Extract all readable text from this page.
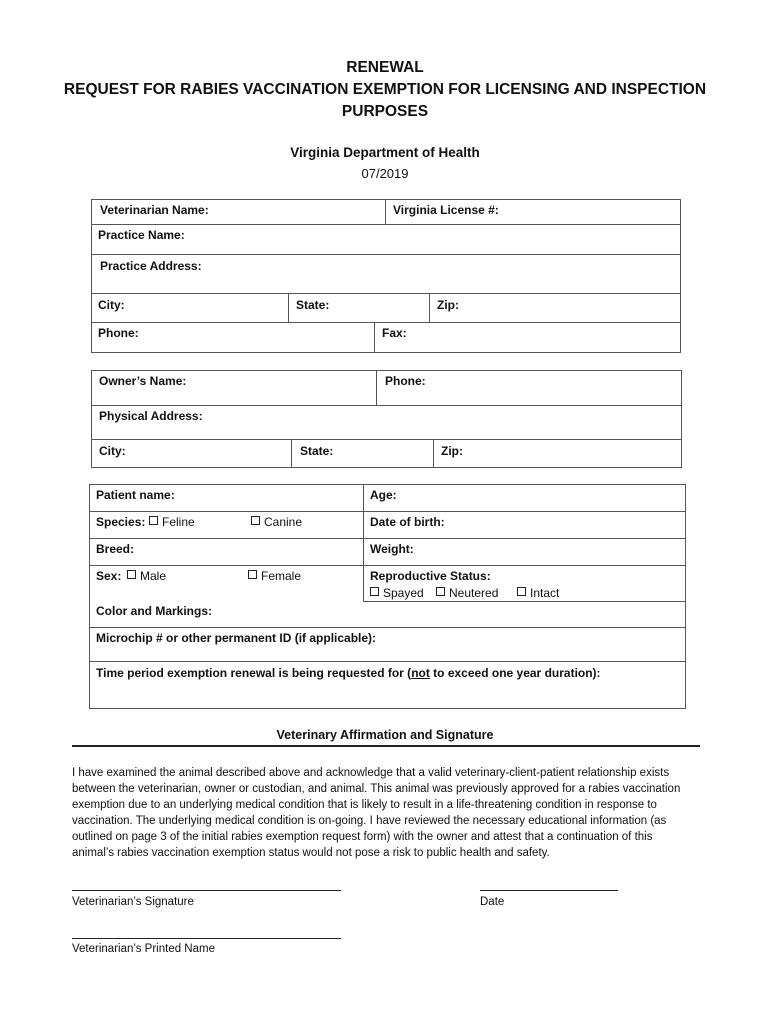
RENEWAL
REQUEST FOR RABIES VACCINATION EXEMPTION FOR LICENSING AND INSPECTION
PURPOSES
Virginia Department of Health
07/2019
Veterinarian Name:	Virginia License #:
Practice Name:
Practice Address:
City:	State:	Zip:
Phone:	Fax:
Owner’s Name:	Phone:
Physical Address:
City:	State:	Zip:
Patient name:	Age:
Species:	Feline	Canine	Date of birth:
Breed:	Weight:
Sex:	Male	Female	Reproductive Status:
Spayed	Neutered	Intact
Color and Markings:
Microchip # or other permanent ID (if applicable):
Time period exemption renewal is being requested for (not to exceed one year duration):
Veterinary Affirmation and Signature
I have examined the animal described above and acknowledge that a valid veterinary-client-patient relationship exists
between the veterinarian, owner or custodian, and animal. This animal was previously approved for a rabies vaccination
exemption due to an underlying medical condition that is likely to result in a life-threatening condition in response to
vaccination. The underlying medical condition is on-going. I have reviewed the necessary educational information (as
outlined on page 3 of the initial rabies exemption request form) with the owner and attest that a continuation of this
animal’s rabies vaccination exemption status would not pose a risk to public health and safety.
Veterinarian’s Signature	Date
Veterinarian’s Printed Name
